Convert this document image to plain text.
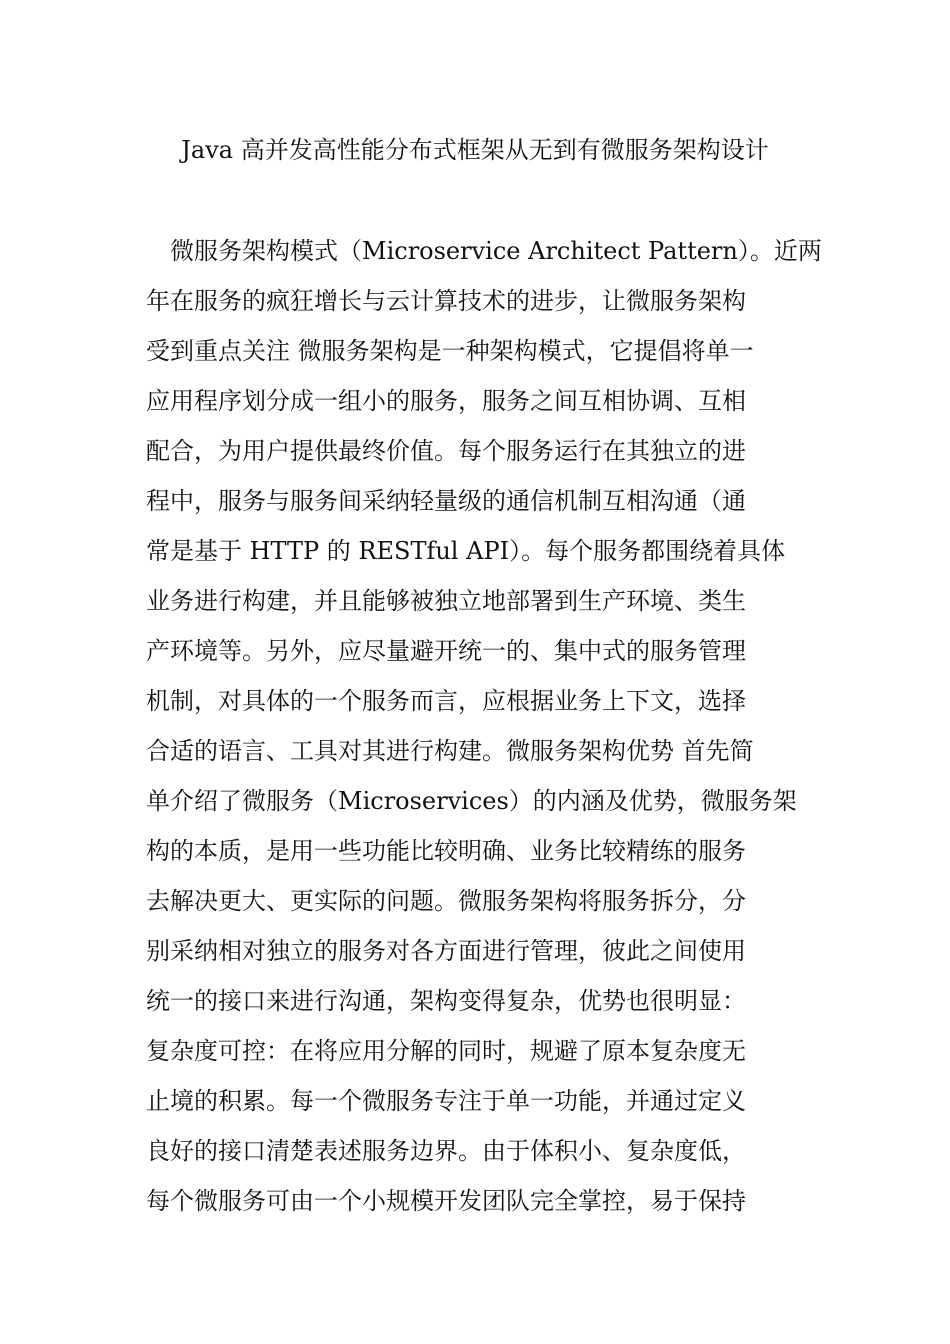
Java 高并发高性能分布式框架从无到有微服务架构设计
微服务架构模式（Microservice Architect Pattern）。近两
年在服务的疯狂增长与云计算技术的进步，让微服务架构
受到重点关注 微服务架构是一种架构模式，它提倡将单一
应用程序划分成一组小的服务，服务之间互相协调、互相
配合，为用户提供最终价值。每个服务运行在其独立的进
程中，服务与服务间采纳轻量级的通信机制互相沟通（通
常是基于 HTTP 的 RESTful API）。每个服务都围绕着具体
业务进行构建，并且能够被独立地部署到生产环境、类生
产环境等。另外，应尽量避开统一的、集中式的服务管理
机制，对具体的一个服务而言，应根据业务上下文，选择
合适的语言、工具对其进行构建。微服务架构优势 首先简
单介绍了微服务（Microservices）的内涵及优势，微服务架
构的本质，是用一些功能比较明确、业务比较精练的服务
去解决更大、更实际的问题。微服务架构将服务拆分，分
别采纳相对独立的服务对各方面进行管理，彼此之间使用
统一的接口来进行沟通，架构变得复杂，优势也很明显：
复杂度可控：在将应用分解的同时，规避了原本复杂度无
止境的积累。每一个微服务专注于单一功能，并通过定义
良好的接口清楚表述服务边界。由于体积小、复杂度低，
每个微服务可由一个小规模开发团队完全掌控，易于保持
